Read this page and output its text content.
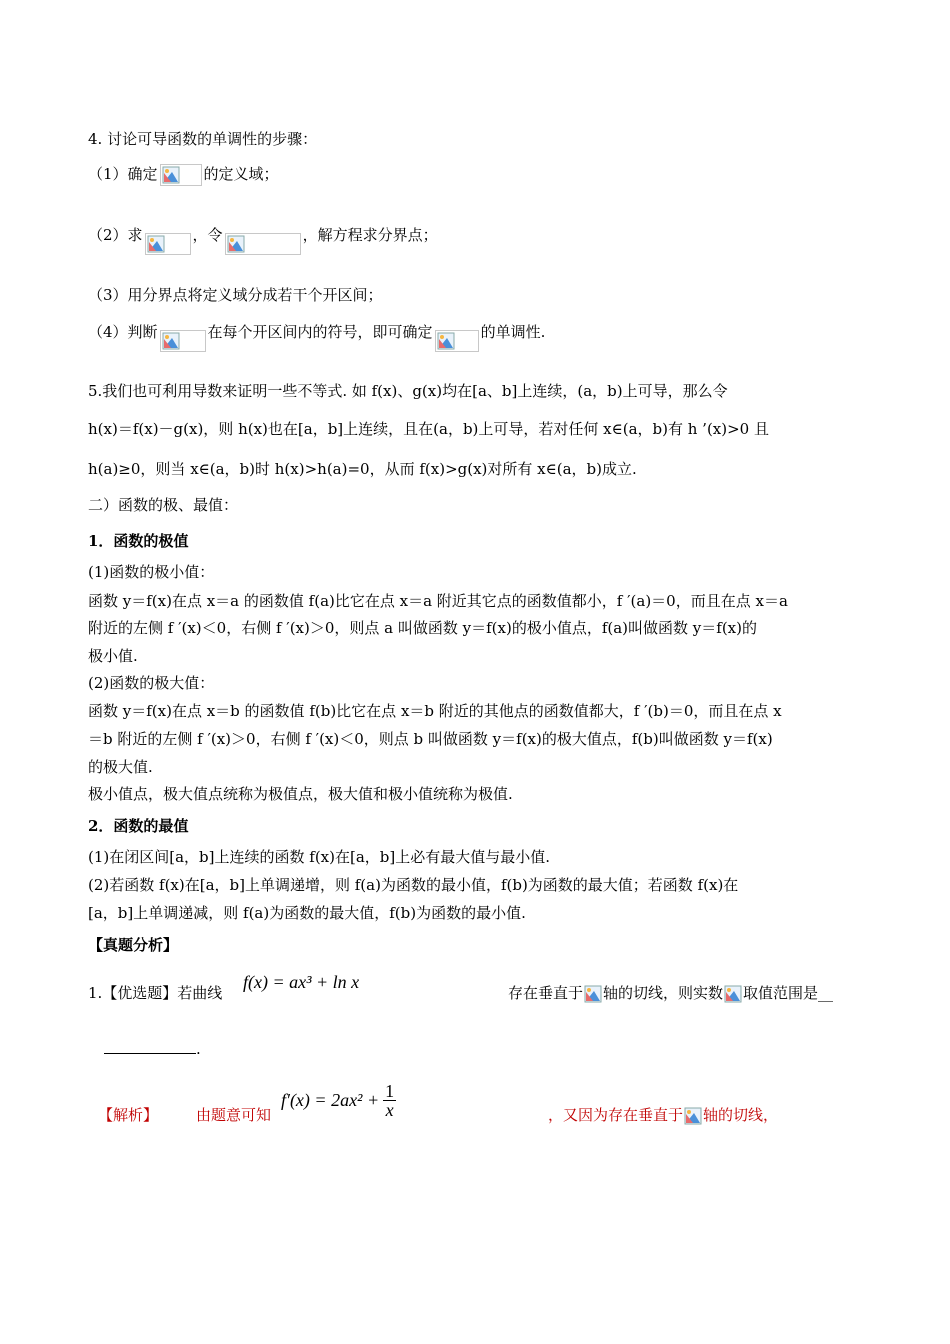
4. 讨论可导函数的单调性的步骤：
（1）确定	的定义域；
（2）求	，令	，解方程求分界点；
（3）用分界点将定义域分成若干个开区间；
（4）判断	在每个开区间内的符号，即可确定	的单调性.
5.我们也可利用导数来证明一些不等式. 如 f(x)、g(x)均在[a、b]上连续，(a，b)上可导，那么令
h(x)＝f(x)－g(x)，则 h(x)也在[a，b]上连续，且在(a，b)上可导，若对任何 x∈(a，b)有 h ’(x)>0 且
h(a)≥0，则当 x∈(a，b)时 h(x)>h(a)=0，从而 f(x)>g(x)对所有 x∈(a，b)成立.
二）函数的极、最值：
1．函数的极值
(1)函数的极小值：
函数 y＝f(x)在点 x＝a 的函数值 f(a)比它在点 x＝a 附近其它点的函数值都小，f ′(a)＝0，而且在点 x＝a
附近的左侧 f ′(x)＜0，右侧 f ′(x)＞0，则点 a 叫做函数 y＝f(x)的极小值点，f(a)叫做函数 y＝f(x)的
极小值.
(2)函数的极大值：
函数 y＝f(x)在点 x＝b 的函数值 f(b)比它在点 x＝b 附近的其他点的函数值都大，f ′(b)＝0，而且在点 x
＝b 附近的左侧 f ′(x)＞0，右侧 f ′(x)＜0，则点 b 叫做函数 y＝f(x)的极大值点，f(b)叫做函数 y＝f(x)
的极大值.
极小值点，极大值点统称为极值点，极大值和极小值统称为极值.
2．函数的最值
(1)在闭区间[a，b]上连续的函数 f(x)在[a，b]上必有最大值与最小值.
(2)若函数 f(x)在[a，b]上单调递增，则 f(a)为函数的最小值，f(b)为函数的最大值；若函数 f(x)在
[a，b]上单调递减，则 f(a)为函数的最大值，f(b)为函数的最小值.
【真题分析】
1.【优选题】若曲线
f(x) = ax³ + ln x
存在垂直于 轴的切线，则实数 取值范围是__
.
【解析】	由题意可知
$f'(x) = 2ax^2 + \frac{1}{x}$	，又因为存在垂直于 轴的切线，
